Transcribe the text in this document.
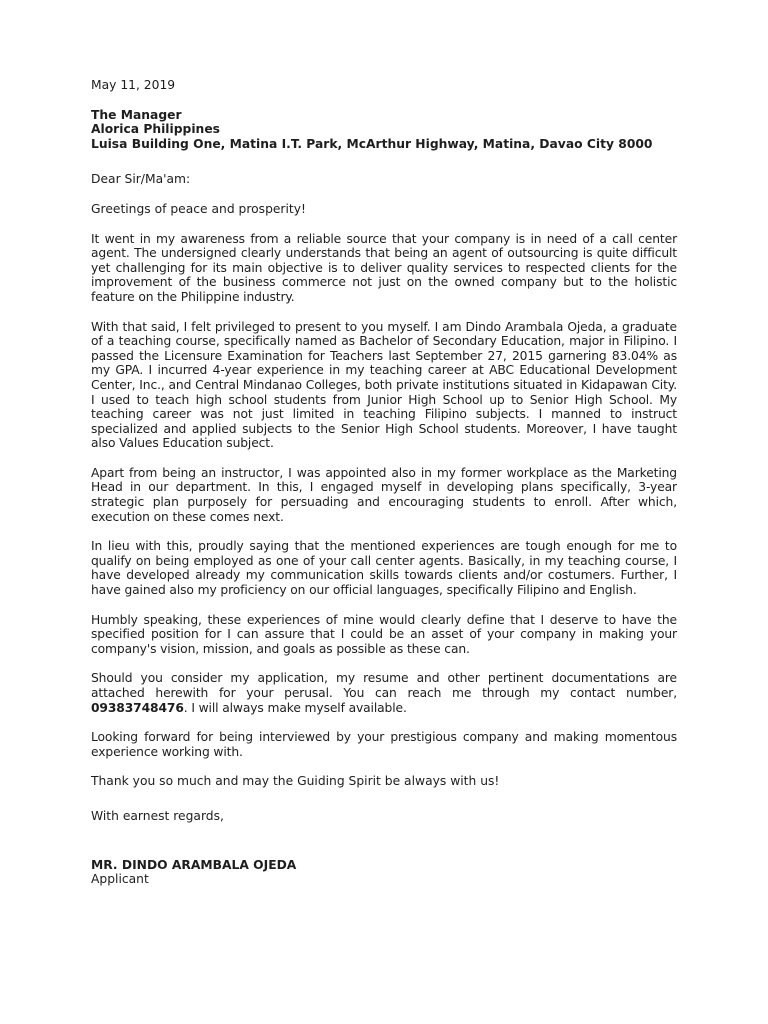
May 11, 2019
The Manager
Alorica Philippines
Luisa Building One, Matina I.T. Park, McArthur Highway, Matina, Davao City 8000
Dear Sir/Ma'am:
Greetings of peace and prosperity!

It went in my awareness from a reliable source that your company is in need of a call center agent. The undersigned clearly understands that being an agent of outsourcing is quite difficult yet challenging for its main objective is to deliver quality services to respected clients for the improvement of the business commerce not just on the owned company but to the holistic feature on the Philippine industry.

With that said, I felt privileged to present to you myself. I am Dindo Arambala Ojeda, a graduate of a teaching course, specifically named as Bachelor of Secondary Education, major in Filipino. I passed the Licensure Examination for Teachers last September 27, 2015 garnering 83.04% as my GPA. I incurred 4-year experience in my teaching career at ABC Educational Development Center, Inc., and Central Mindanao Colleges, both private institutions situated in Kidapawan City. I used to teach high school students from Junior High School up to Senior High School. My teaching career was not just limited in teaching Filipino subjects. I manned to instruct specialized and applied subjects to the Senior High School students. Moreover, I have taught also Values Education subject.

Apart from being an instructor, I was appointed also in my former workplace as the Marketing Head in our department. In this, I engaged myself in developing plans specifically, 3-year strategic plan purposely for persuading and encouraging students to enroll. After which, execution on these comes next.

In lieu with this, proudly saying that the mentioned experiences are tough enough for me to qualify on being employed as one of your call center agents. Basically, in my teaching course, I have developed already my communication skills towards clients and/or costumers. Further, I have gained also my proficiency on our official languages, specifically Filipino and English.

Humbly speaking, these experiences of mine would clearly define that I deserve to have the specified position for I can assure that I could be an asset of your company in making your company's vision, mission, and goals as possible as these can.

Should you consider my application, my resume and other pertinent documentations are attached herewith for your perusal. You can reach me through my contact number, 09383748476. I will always make myself available.

Looking forward for being interviewed by your prestigious company and making momentous experience working with.

Thank you so much and may the Guiding Spirit be always with us!
With earnest regards,
MR. DINDO ARAMBALA OJEDA
Applicant
